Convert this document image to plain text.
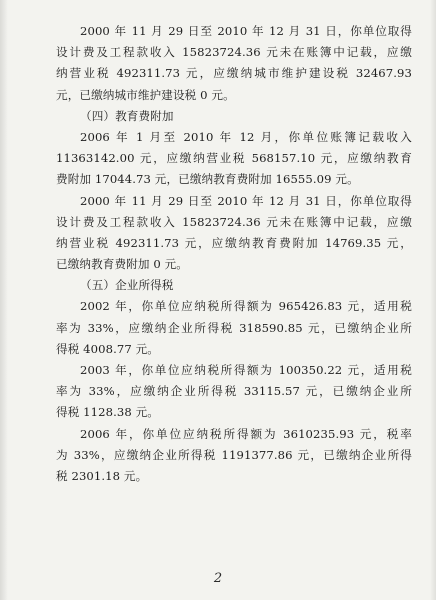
2000 年 11 月 29 日至 2010 年 12 月 31 日，你单位取得
设计费及工程款收入 15823724.36 元未在账簿中记载，应缴
纳营业税 492311.73 元，应缴纳城市维护建设税 32467.93
元，已缴纳城市维护建设税 0 元。
（四）教育费附加
2006 年 1 月至 2010 年 12 月，你单位账簿记载收入
11363142.00 元，应缴纳营业税 568157.10 元，应缴纳教育
费附加 17044.73 元，已缴纳教育费附加 16555.09 元。
2000 年 11 月 29 日至 2010 年 12 月 31 日，你单位取得
设计费及工程款收入 15823724.36 元未在账簿中记载，应缴
纳营业税 492311.73 元，应缴纳教育费附加 14769.35 元，
已缴纳教育费附加 0 元。
（五）企业所得税
2002 年，你单位应纳税所得额为 965426.83 元，适用税
率为 33%，应缴纳企业所得税 318590.85 元，已缴纳企业所
得税 4008.77 元。
2003 年，你单位应纳税所得额为 100350.22 元，适用税
率为 33%，应缴纳企业所得税 33115.57 元，已缴纳企业所
得税 1128.38 元。
2006 年，你单位应纳税所得额为 3610235.93 元，税率
为 33%，应缴纳企业所得税 1191377.86 元，已缴纳企业所得
税 2301.18 元。
2
